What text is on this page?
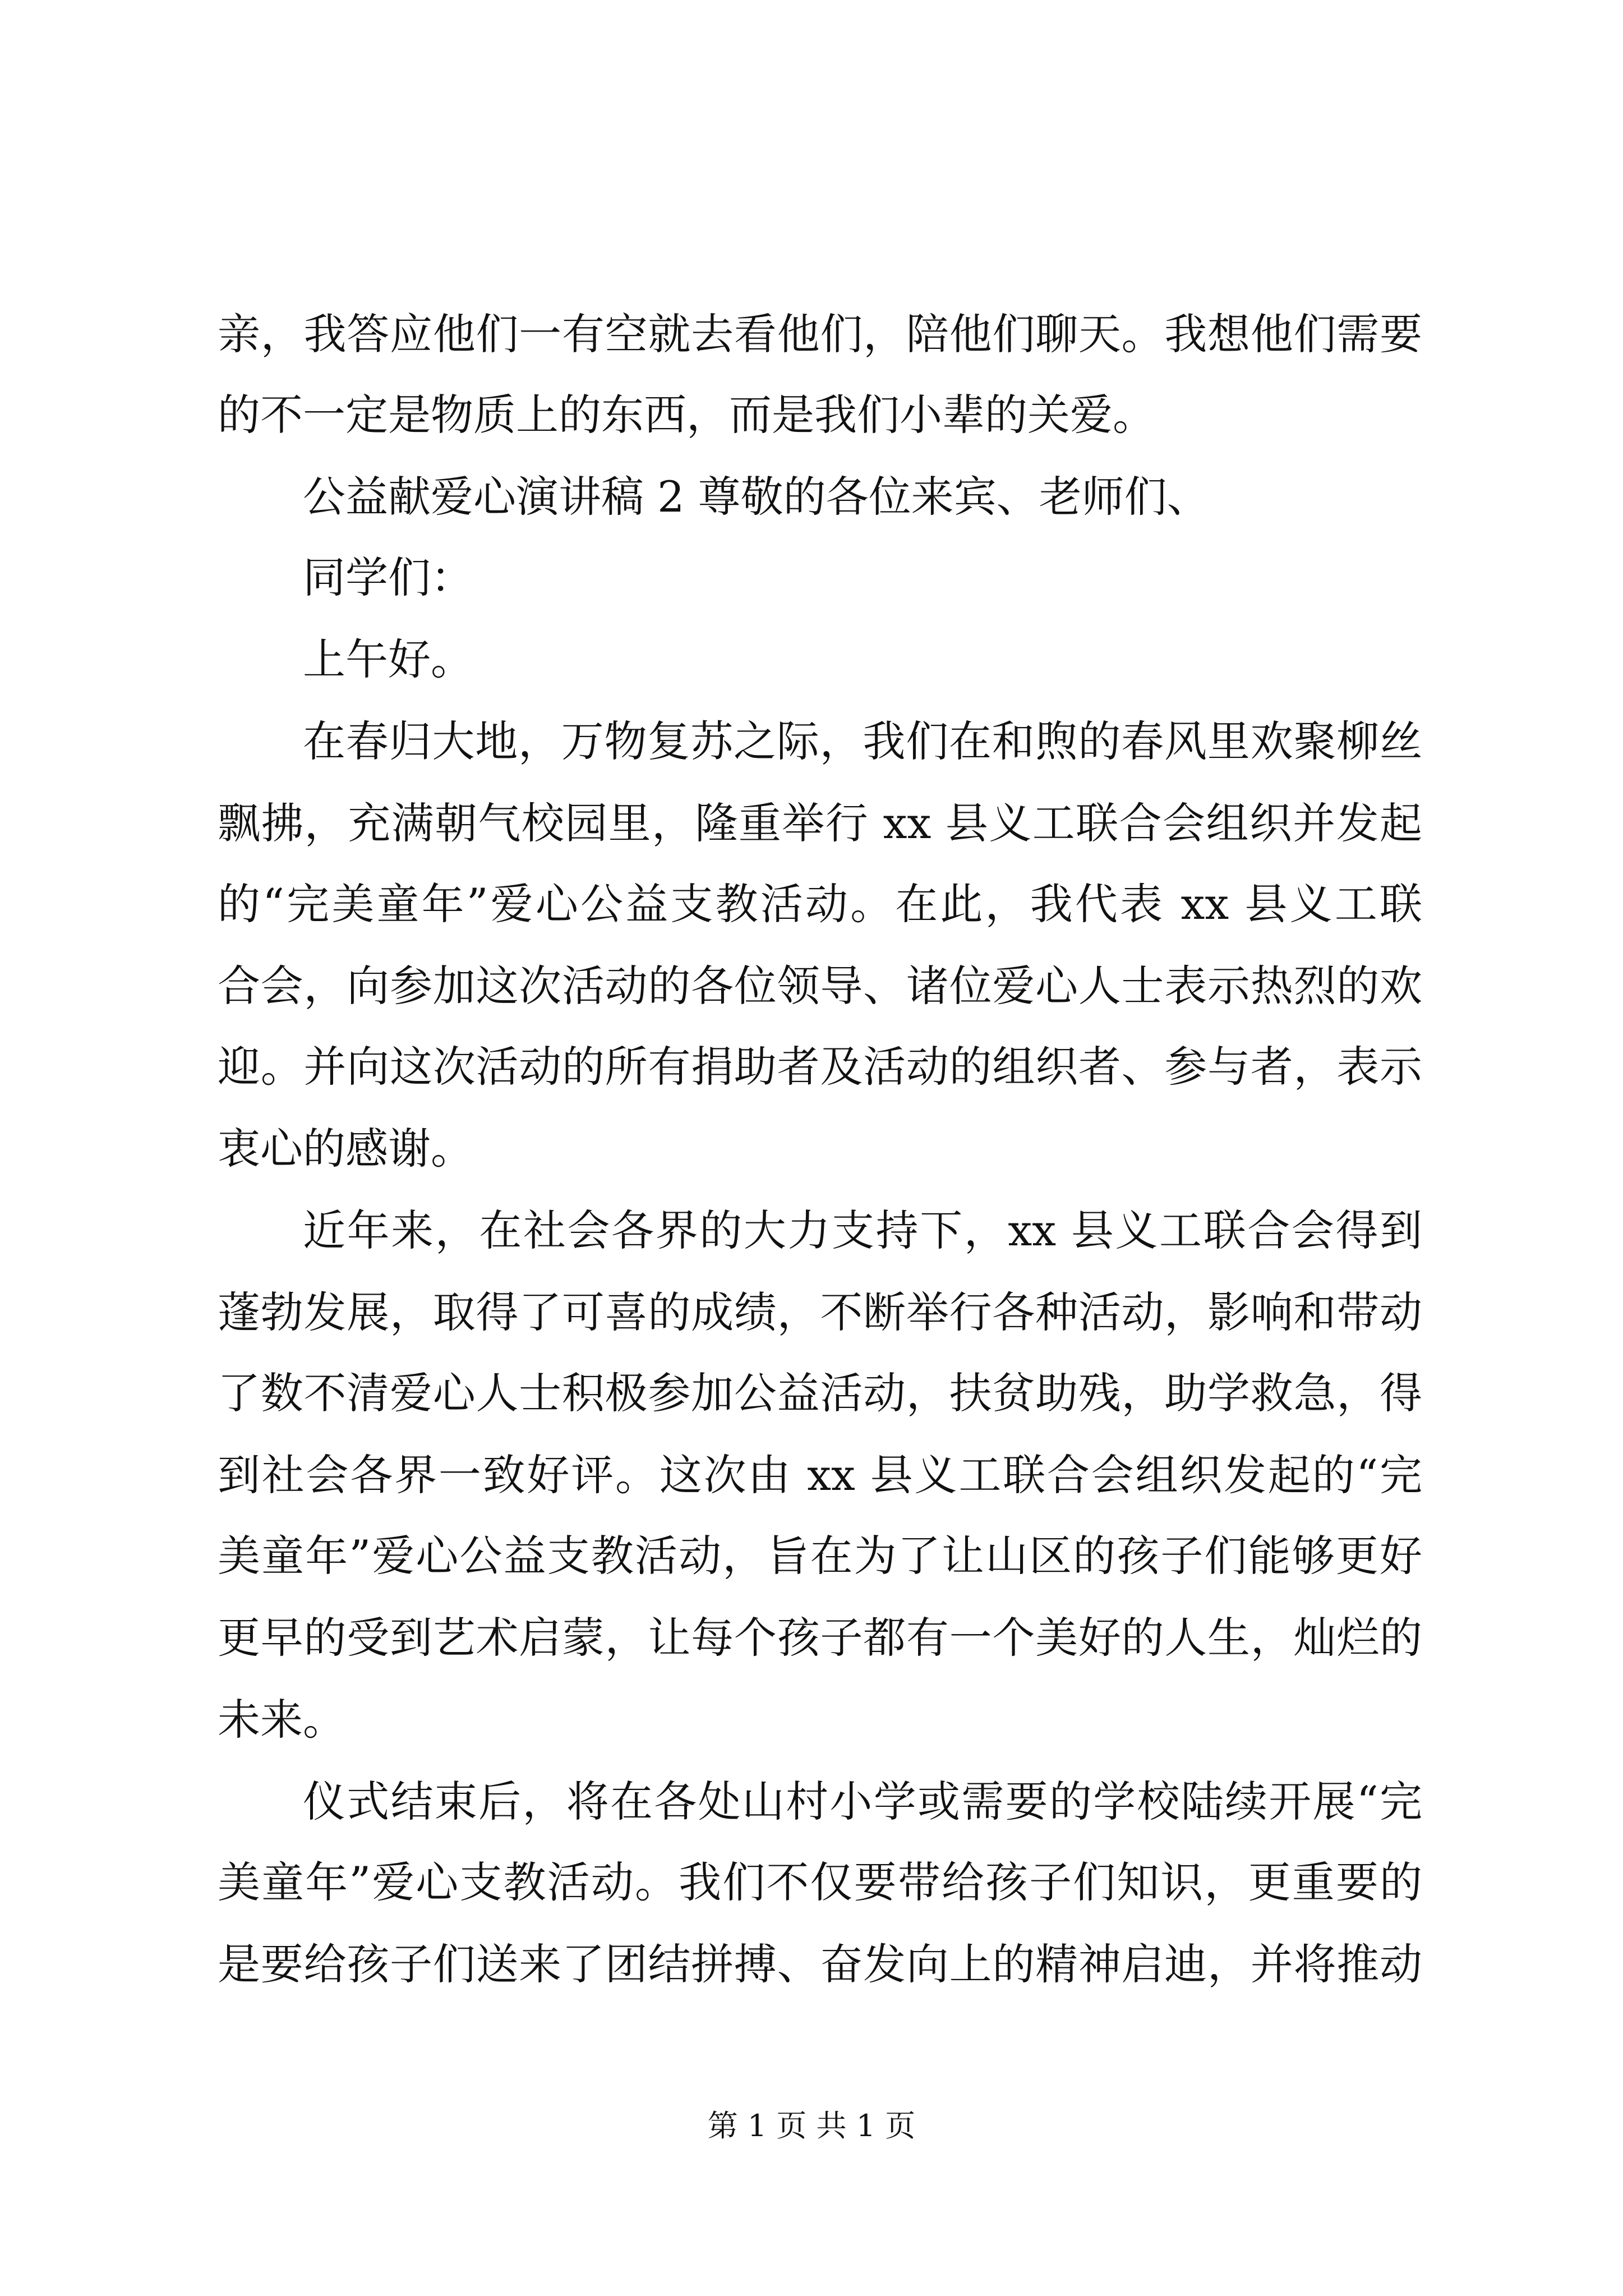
亲，我答应他们一有空就去看他们，陪他们聊天。我想他们需要
的不一定是物质上的东西，而是我们小辈的关爱。
公益献爱心演讲稿 2 尊敬的各位来宾、老师们、
同学们：
上午好。
在春归大地，万物复苏之际，我们在和煦的春风里欢聚柳丝
飘拂，充满朝气校园里，隆重举行 xx 县义工联合会组织并发起
的“完美童年”爱心公益支教活动。在此，我代表 xx 县义工联
合会，向参加这次活动的各位领导、诸位爱心人士表示热烈的欢
迎。并向这次活动的所有捐助者及活动的组织者、参与者，表示
衷心的感谢。
近年来，在社会各界的大力支持下，xx 县义工联合会得到
蓬勃发展，取得了可喜的成绩，不断举行各种活动，影响和带动
了数不清爱心人士积极参加公益活动，扶贫助残，助学救急，得
到社会各界一致好评。这次由 xx 县义工联合会组织发起的“完
美童年”爱心公益支教活动，旨在为了让山区的孩子们能够更好
更早的受到艺术启蒙，让每个孩子都有一个美好的人生，灿烂的
未来。
仪式结束后，将在各处山村小学或需要的学校陆续开展“完
美童年”爱心支教活动。我们不仅要带给孩子们知识，更重要的
是要给孩子们送来了团结拼搏、奋发向上的精神启迪，并将推动
第 1 页 共 1 页
